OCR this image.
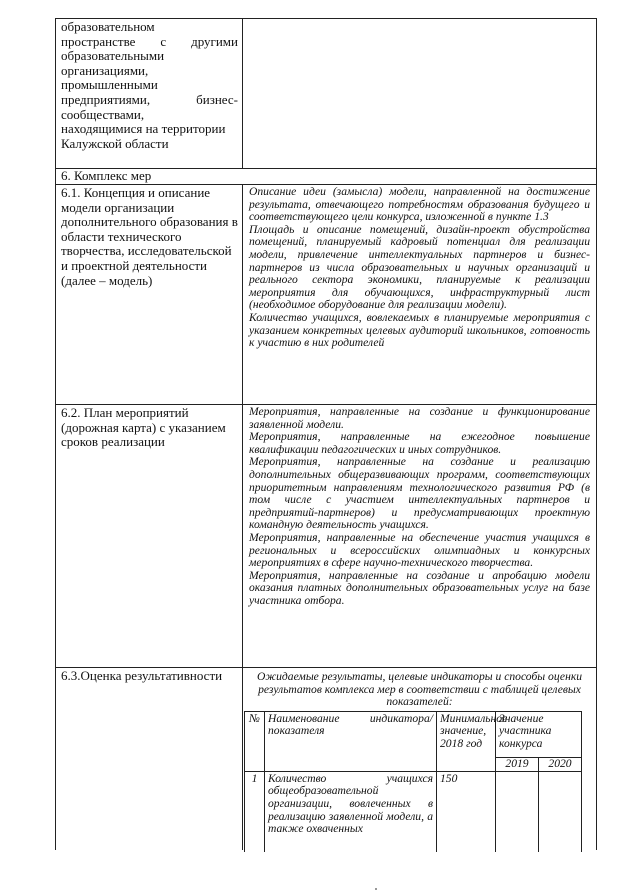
образовательном
пространстве с другими
образовательными
организациями,
промышленными
предприятиями, бизнес-
сообществами,
находящимися на территории
Калужской области
6. Комплекс мер
6.1. Концепция и описание модели организации дополнительного образования в области технического творчества, исследовательской и проектной деятельности (далее – модель)

Описание идеи (замысла) модели, направленной на достижение результата, отвечающего потребностям образования будущего и соответствующего цели конкурса, изложенной в пункте 1.3

Площадь и описание помещений, дизайн-проект обустройства помещений, планируемый кадровый потенциал для реализации модели, привлечение интеллектуальных партнеров и бизнес-партнеров из числа образовательных и научных организаций и реального сектора экономики, планируемые к реализации мероприятия для обучающихся, инфраструктурный лист (необходимое оборудование для реализации модели).

Количество учащихся, вовлекаемых в планируемые мероприятия с указанием конкретных целевых аудиторий школьников, готовность к участию в них родителей

6.2. План мероприятий (дорожная карта) с указанием сроков реализации

Мероприятия, направленные на создание и функционирование заявленной модели.

Мероприятия, направленные на ежегодное повышение квалификации педагогических и иных сотрудников.

Мероприятия, направленные на создание и реализацию дополнительных общеразвивающих программ, соответствующих приоритетным направлениям технологического развития РФ (в том числе с участием интеллектуальных партнеров и предприятий-партнеров) и предусматривающих проектную командную деятельность учащихся.

Мероприятия, направленные на обеспечение участия учащихся в региональных и всероссийских олимпиадных и конкурсных мероприятиях в сфере научно-технического творчества.

Мероприятия, направленные на создание и апробацию модели оказания платных дополнительных образовательных услуг на базе участника отбора.

6.3.Оценка результативности	Ожидаемые результаты, целевые индикаторы и способы оценки результатов комплекса мер в соответствии с таблицей целевых показателей:
№ Наименование индикатора/показателя
Минимальное значение, 2018 год
Значение участника конкурса
2019	2020
1 Количество учащихся общеобразовательной организации, вовлеченных в реализацию заявленной модели, а также охваченных
150
